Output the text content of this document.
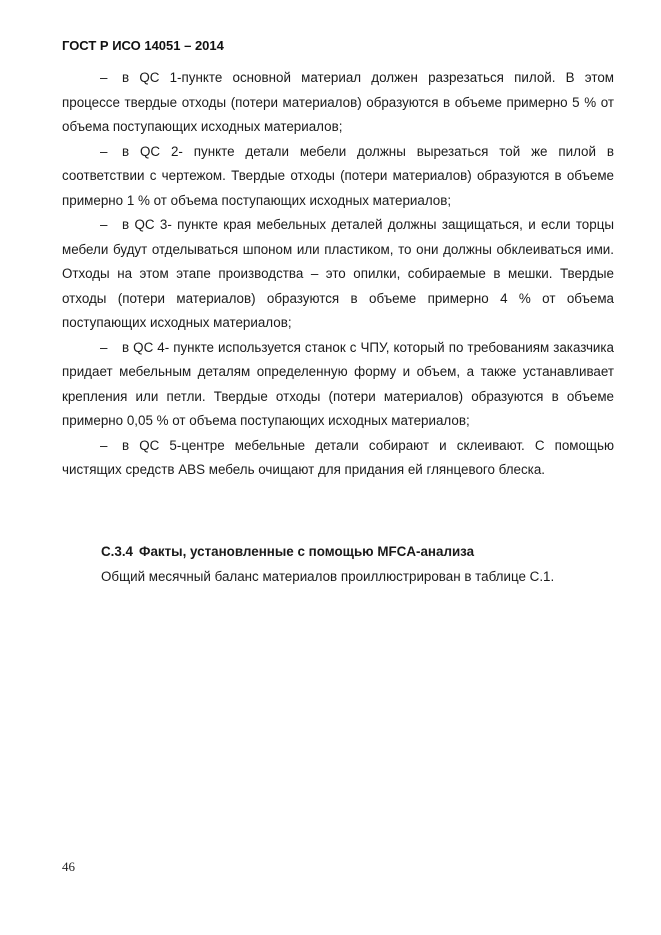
ГОСТ Р ИСО 14051 – 2014

– в QC 1-пункте основной материал должен разрезаться пилой. В этом процессе твердые отходы (потери материалов) образуются в объеме примерно 5 % от объема поступающих исходных материалов;

– в QC 2- пункте детали мебели должны вырезаться той же пилой в соответствии с чертежом. Твердые отходы (потери материалов) образуются в объеме примерно 1 % от объема поступающих исходных материалов;

– в QC 3- пункте края мебельных деталей должны защищаться, и если торцы мебели будут отделываться шпоном или пластиком, то они должны обклеиваться ими. Отходы на этом этапе производства – это опилки, собираемые в мешки. Твердые отходы (потери материалов) образуются в объеме примерно 4 % от объема поступающих исходных материалов;

– в QC 4- пункте используется станок с ЧПУ, который по требованиям заказчика придает мебельным деталям определенную форму и объем, а также устанавливает крепления или петли. Твердые отходы (потери материалов) образуются в объеме примерно 0,05 % от объема поступающих исходных материалов;

– в QC 5-центре мебельные детали собирают и склеивают. С помощью чистящих средств ABS мебель очищают для придания ей глянцевого блеска.

С.3.4 Факты, установленные с помощью MFCA-анализа

Общий месячный баланс материалов проиллюстрирован в таблице С.1.

46
